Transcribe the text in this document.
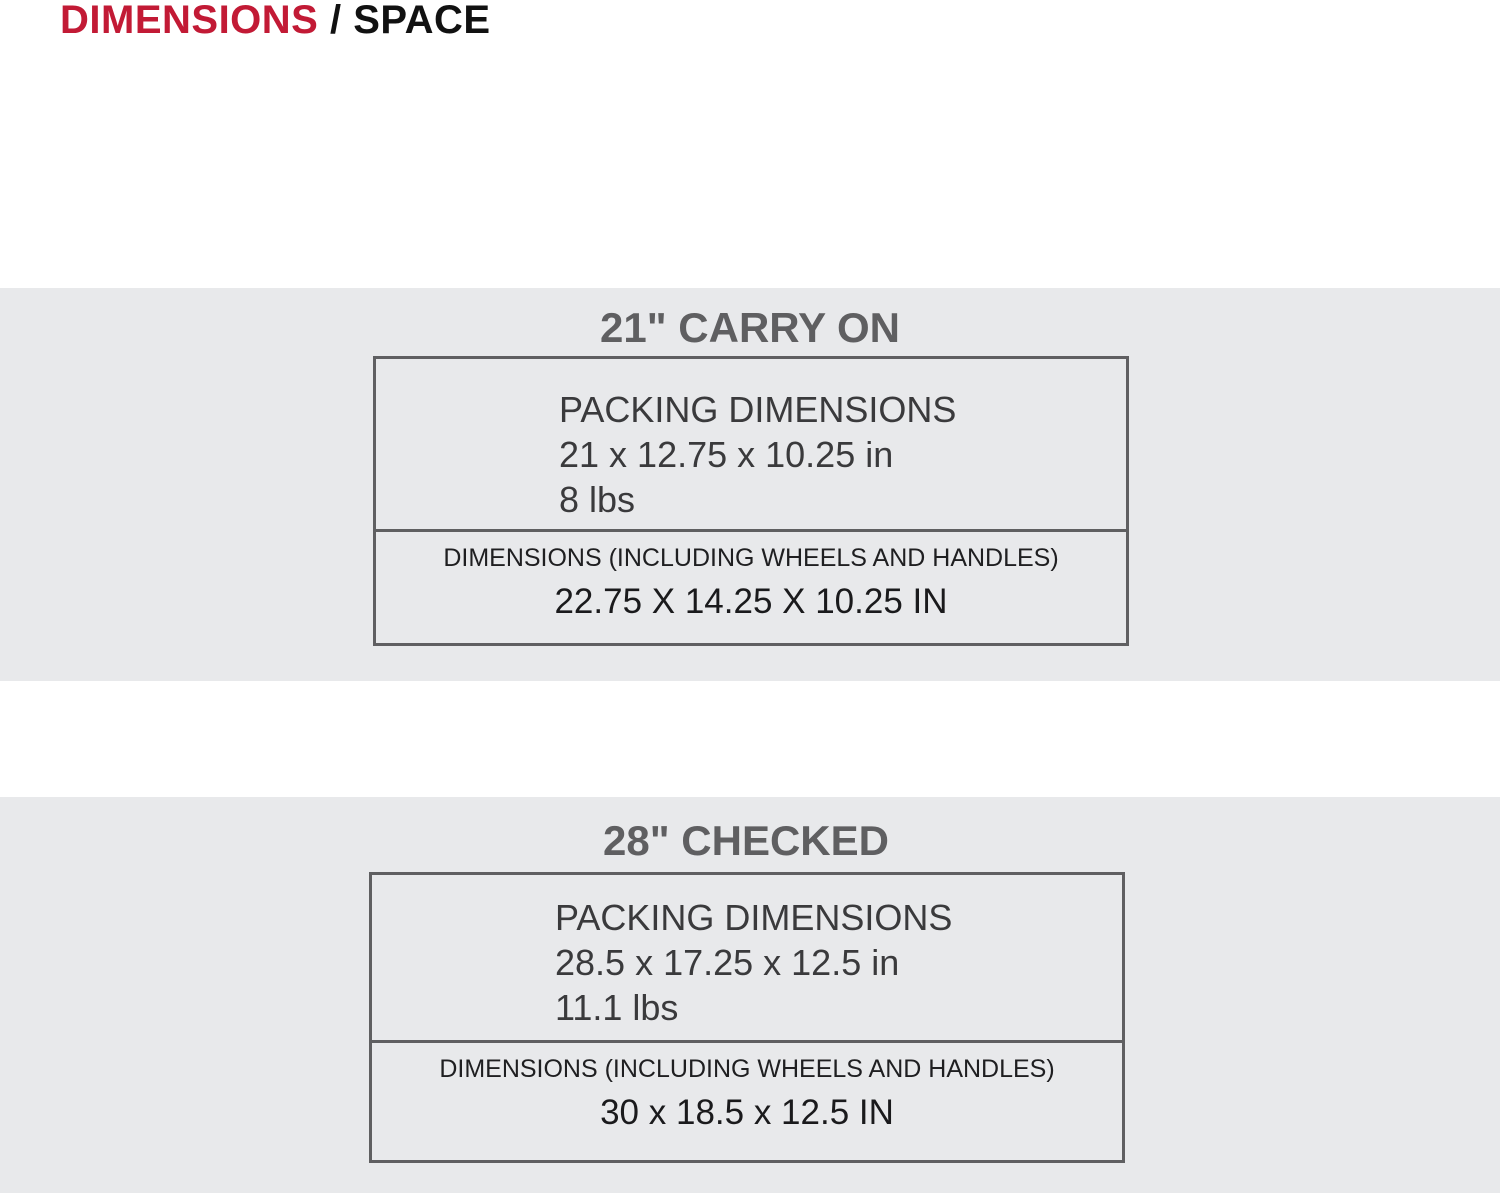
DIMENSIONS / SPACE
21" CARRY ON
PACKING DIMENSIONS
21 x 12.75 x 10.25 in
8 lbs
DIMENSIONS (INCLUDING WHEELS AND HANDLES)
22.75 X 14.25 X 10.25 IN
28" CHECKED
PACKING DIMENSIONS
28.5 x 17.25 x 12.5 in
11.1 lbs
DIMENSIONS (INCLUDING WHEELS AND HANDLES)
30 x 18.5 x 12.5 IN
